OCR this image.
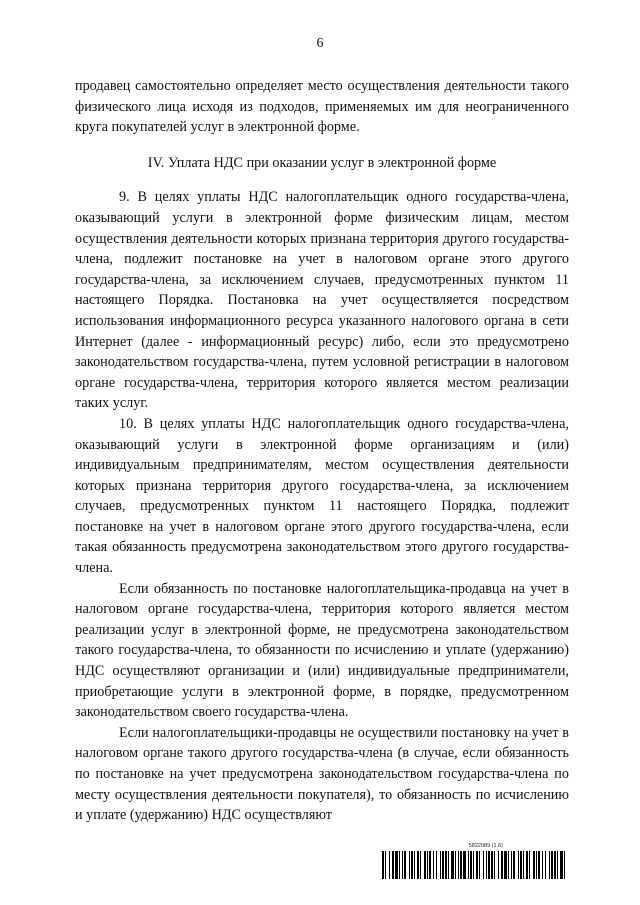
6

продавец самостоятельно определяет место осуществления деятельности такого физического лица исходя из подходов, применяемых им для неограниченного круга покупателей услуг в электронной форме.

IV. Уплата НДС при оказании услуг в электронной форме

9. В целях уплаты НДС налогоплательщик одного государства-члена, оказывающий услуги в электронной форме физическим лицам, местом осуществления деятельности которых признана территория другого государства-члена, подлежит постановке на учет в налоговом органе этого другого государства-члена, за исключением случаев, предусмотренных пунктом 11 настоящего Порядка. Постановка на учет осуществляется посредством использования информационного ресурса указанного налогового органа в сети Интернет (далее - информационный ресурс) либо, если это предусмотрено законодательством государства-члена, путем условной регистрации в налоговом органе государства-члена, территория которого является местом реализации таких услуг.

10. В целях уплаты НДС налогоплательщик одного государства-члена, оказывающий услуги в электронной форме организациям и (или) индивидуальным предпринимателям, местом осуществления деятельности которых признана территория другого государства-члена, за исключением случаев, предусмотренных пунктом 11 настоящего Порядка, подлежит постановке на учет в налоговом органе этого другого государства-члена, если такая обязанность предусмотрена законодательством этого другого государства-члена.

Если обязанность по постановке налогоплательщика-продавца на учет в налоговом органе государства-члена, территория которого является местом реализации услуг в электронной форме, не предусмотрена законодательством такого государства-члена, то обязанности по исчислению и уплате (удержанию) НДС осуществляют организации и (или) индивидуальные предприниматели, приобретающие услуги в электронной форме, в порядке, предусмотренном законодательством своего государства-члена.

Если налогоплательщики-продавцы не осуществили постановку на учет в налоговом органе такого другого государства-члена (в случае, если обязанность по постановке на учет предусмотрена законодательством государства-члена по месту осуществления деятельности покупателя), то обязанность по исчислению и уплате (удержанию) НДС осуществляют

5822089 (1.6)
